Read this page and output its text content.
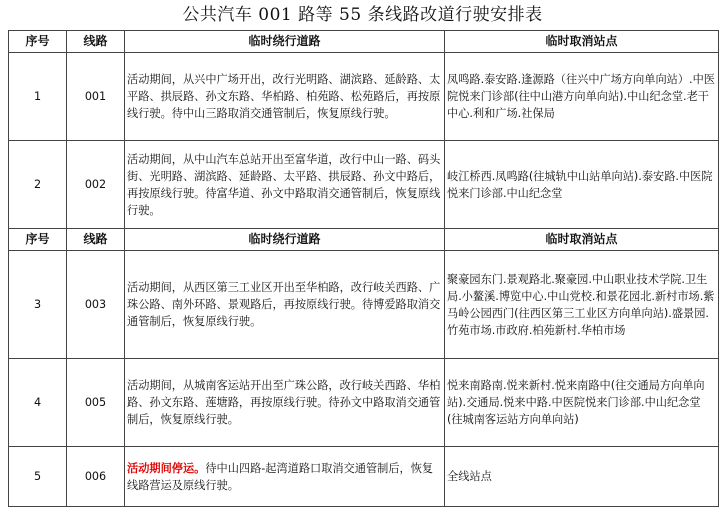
公共汽车 001 路等 55 条线路改道行驶安排表
序号	线路	临时绕行道路	临时取消站点
1	001	活动期间，从兴中广场开出，改行光明路、湖滨路、延龄路、太平路、拱辰路、孙文东路、华柏路、柏苑路、松苑路后，再按原线行驶。待中山三路取消交通管制后，恢复原线行驶。	凤鸣路.泰安路.逢源路（往兴中广场方向单向站）.中医院悦来门诊部(往中山港方向单向站).中山纪念堂.老干中心.利和广场.社保局
2	002	活动期间，从中山汽车总站开出至富华道，改行中山一路、码头街、光明路、湖滨路、延龄路、太平路、拱辰路、孙文中路后，再按原线行驶。待富华道、孙文中路取消交通管制后，恢复原线行驶。	岐江桥西.凤鸣路(往城轨中山站单向站).泰安路.中医院悦来门诊部.中山纪念堂
序号	线路	临时绕行道路	临时取消站点
3	003	活动期间，从西区第三工业区开出至华柏路，改行岐关西路、广珠公路、南外环路、景观路后，再按原线行驶。待博爱路取消交通管制后，恢复原线行驶。	聚豪园东门.景观路北.聚豪园.中山职业技术学院.卫生局.小鳌溪.博览中心.中山党校.和景花园北.新村市场.紫马岭公园西门(往西区第三工业区方向单向站).盛景园.竹苑市场.市政府.柏苑新村.华柏市场
4	005	活动期间，从城南客运站开出至广珠公路，改行岐关西路、华柏路、孙文东路、莲塘路，再按原线行驶。待孙文中路取消交通管制后，恢复原线行驶。	悦来南路南.悦来新村.悦来南路中(往交通局方向单向站).交通局.悦来中路.中医院悦来门诊部.中山纪念堂(往城南客运站方向单向站)
5	006	活动期间停运。待中山四路-起湾道路口取消交通管制后，恢复线路营运及原线行驶。	全线站点
